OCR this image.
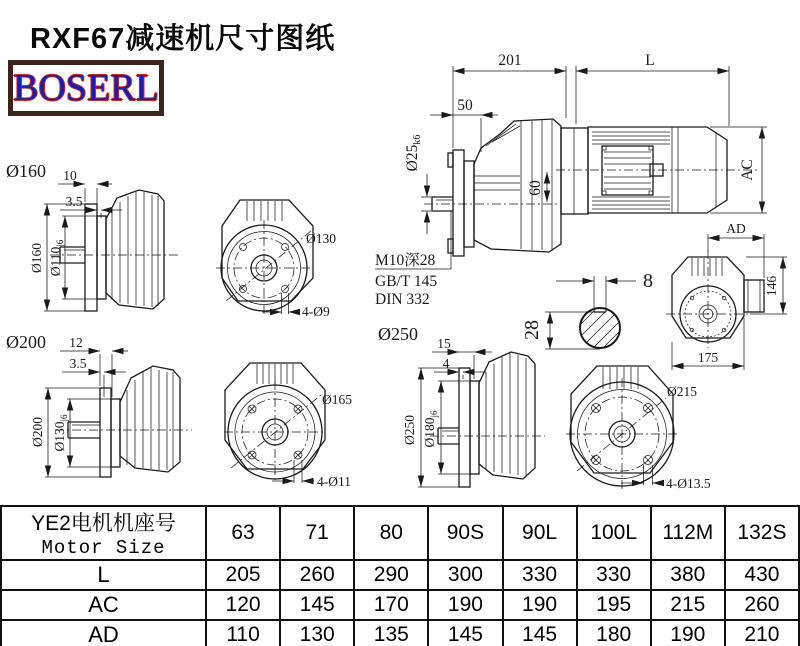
RXF67减速机尺寸图纸
BOSERL
201	L
50
Ø25k6
60
AC
M10深28
GB/T 145
DIN 332
Ø160 10
3.5
Ø160 $Ø110_{j6}$	Ø130
4-Ø9
Ø200 12
3.5
Ø200 $Ø130_{j6}$
Ø165
4-Ø11
Ø250 15
4
Ø250 $Ø180_{j6}$
Ø215
4-Ø13.5
AD
146
175
8
28
YE2电机机座号
Motor Size	63	71	80	90S	90L	100L	112M	132S
L	205	260	290	300	330	330	380	430
AC	120	145	170	190	190	195	215	260
AD	110	130	135	145	145	180	190	210
